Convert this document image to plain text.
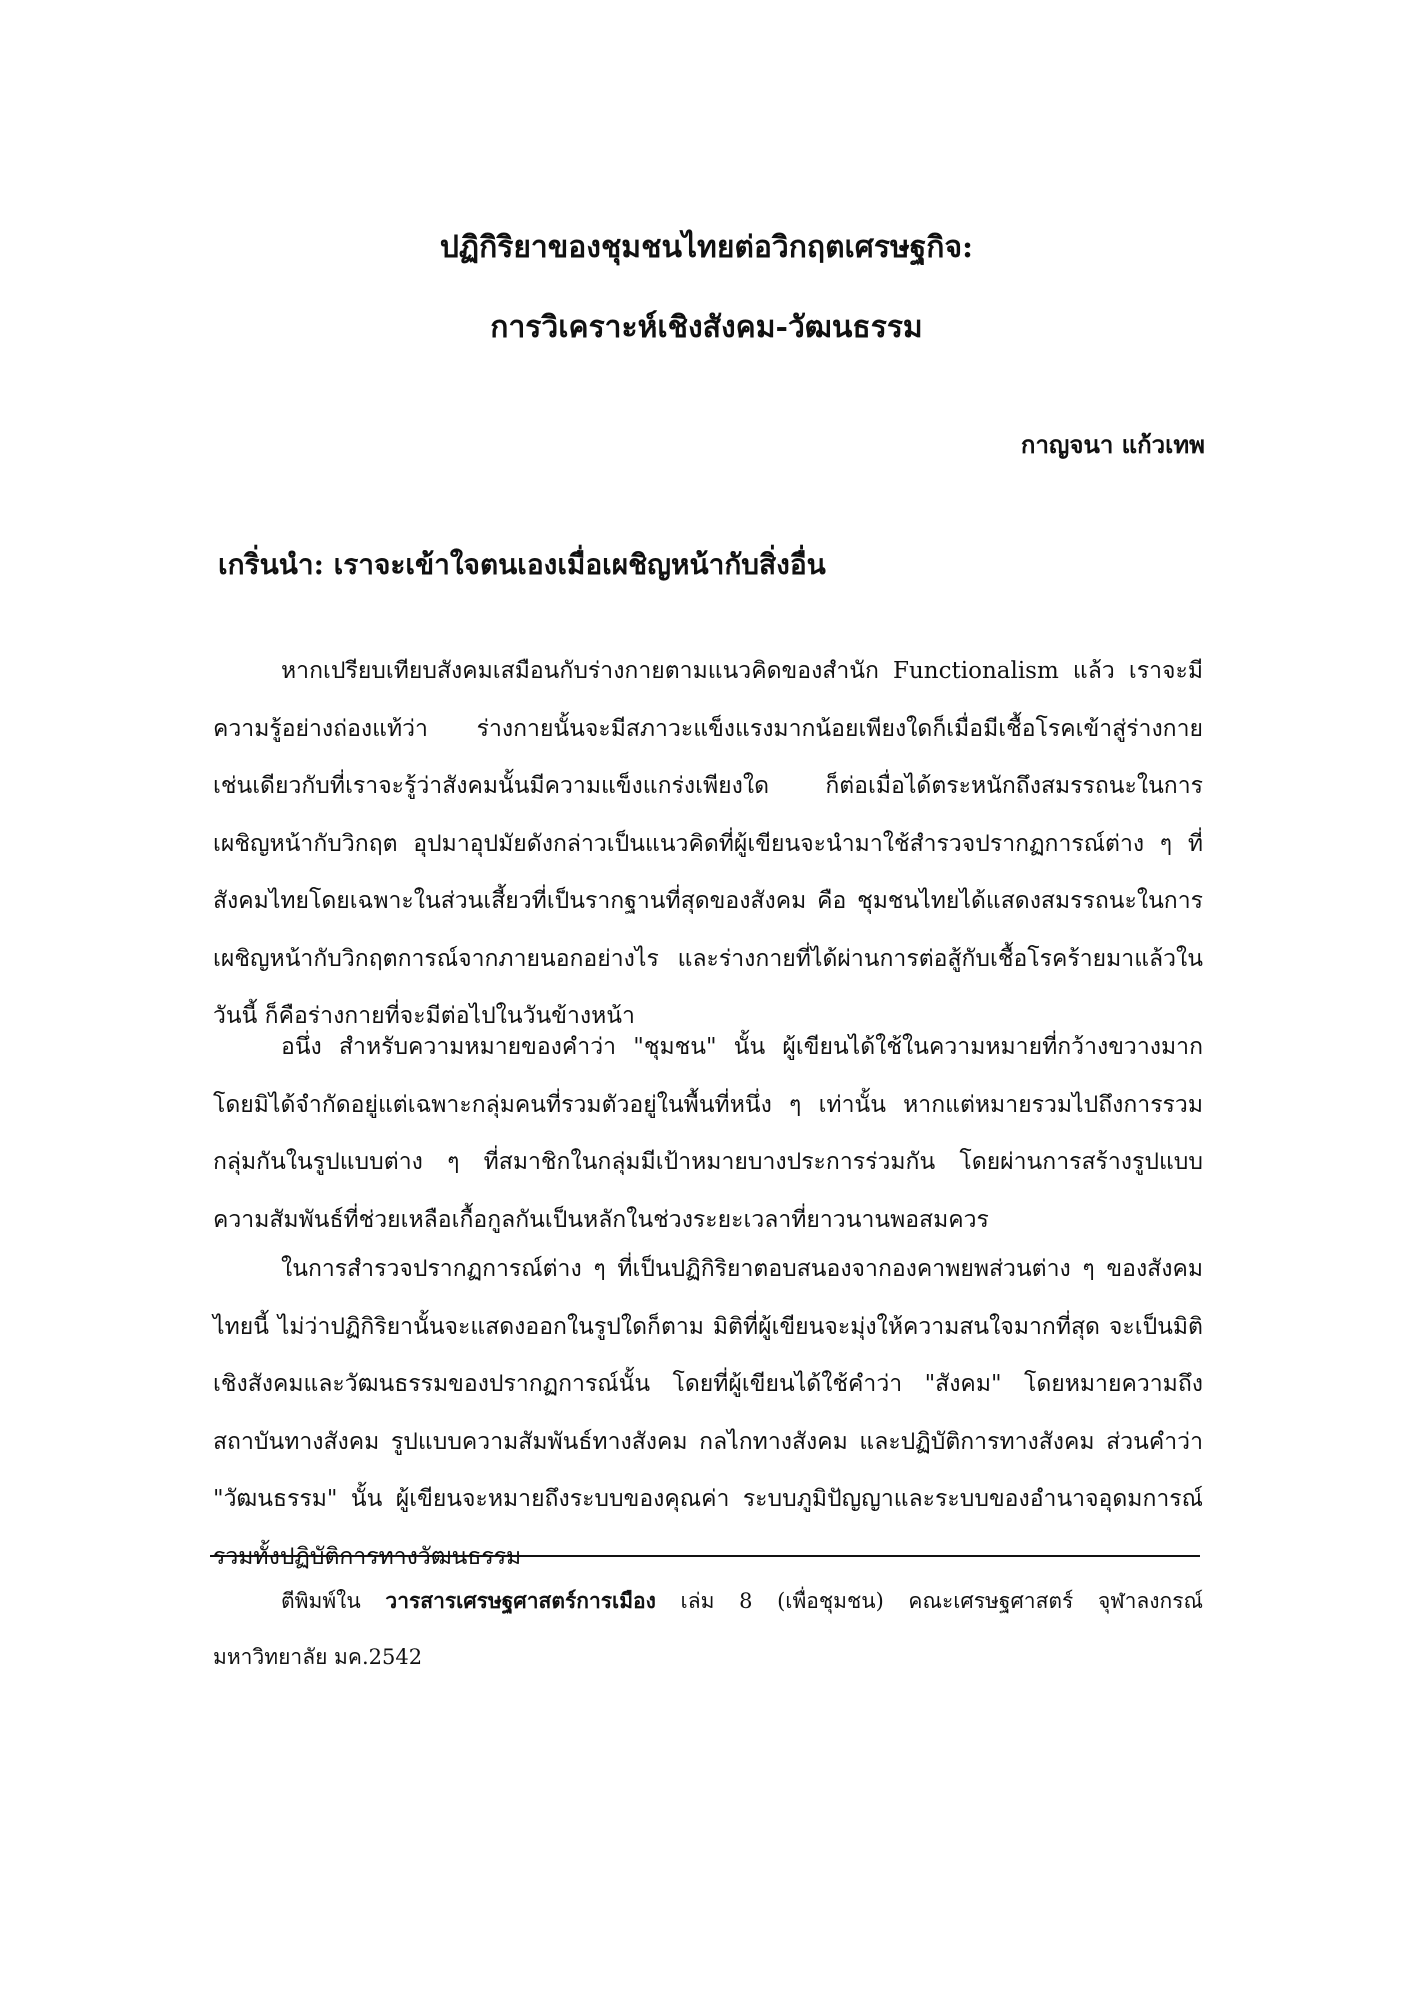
ปฏิกิริยาของชุมชนไทยต่อวิกฤตเศรษฐกิจ:
การวิเคราะห์เชิงสังคม-วัฒนธรรม
กาญจนา แก้วเทพ
เกริ่นนำ: เราจะเข้าใจตนเองเมื่อเผชิญหน้ากับสิ่งอื่น

หากเปรียบเทียบสังคมเสมือนกับร่างกายตามแนวคิดของสำนัก Functionalism แล้ว เราจะมีความรู้อย่างถ่องแท้ว่า ร่างกายนั้นจะมีสภาวะแข็งแรงมากน้อยเพียงใดก็เมื่อมีเชื้อโรคเข้าสู่ร่างกาย เช่นเดียวกับที่เราจะรู้ว่าสังคมนั้นมีความแข็งแกร่งเพียงใด ก็ต่อเมื่อได้ตระหนักถึงสมรรถนะในการเผชิญหน้ากับวิกฤต อุปมาอุปมัยดังกล่าวเป็นแนวคิดที่ผู้เขียนจะนำมาใช้สำรวจปรากฏการณ์ต่าง ๆ ที่สังคมไทยโดยเฉพาะในส่วนเสี้ยวที่เป็นรากฐานที่สุดของสังคม คือ ชุมชนไทยได้แสดงสมรรถนะในการเผชิญหน้ากับวิกฤตการณ์จากภายนอกอย่างไร และร่างกายที่ได้ผ่านการต่อสู้กับเชื้อโรคร้ายมาแล้วในวันนี้ ก็คือร่างกายที่จะมีต่อไปในวันข้างหน้า

อนึ่ง สำหรับความหมายของคำว่า "ชุมชน" นั้น ผู้เขียนได้ใช้ในความหมายที่กว้างขวางมาก โดยมิได้จำกัดอยู่แต่เฉพาะกลุ่มคนที่รวมตัวอยู่ในพื้นที่หนึ่ง ๆ เท่านั้น หากแต่หมายรวมไปถึงการรวมกลุ่มกันในรูปแบบต่าง ๆ ที่สมาชิกในกลุ่มมีเป้าหมายบางประการร่วมกัน โดยผ่านการสร้างรูปแบบความสัมพันธ์ที่ช่วยเหลือเกื้อกูลกันเป็นหลักในช่วงระยะเวลาที่ยาวนานพอสมควร

ในการสำรวจปรากฏการณ์ต่าง ๆ ที่เป็นปฏิกิริยาตอบสนองจากองคาพยพส่วนต่าง ๆ ของสังคมไทยนี้ ไม่ว่าปฏิกิริยานั้นจะแสดงออกในรูปใดก็ตาม มิติที่ผู้เขียนจะมุ่งให้ความสนใจมากที่สุด จะเป็นมิติเชิงสังคมและวัฒนธรรมของปรากฏการณ์นั้น โดยที่ผู้เขียนได้ใช้คำว่า "สังคม" โดยหมายความถึง สถาบันทางสังคม รูปแบบความสัมพันธ์ทางสังคม กลไกทางสังคม และปฏิบัติการทางสังคม ส่วนคำว่า "วัฒนธรรม" นั้น ผู้เขียนจะหมายถึงระบบของคุณค่า ระบบภูมิปัญญาและระบบของอำนาจอุดมการณ์ รวมทั้งปฏิบัติการทางวัฒนธรรม

ตีพิมพ์ใน วารสารเศรษฐศาสตร์การเมือง เล่ม 8 (เพื่อชุมชน) คณะเศรษฐศาสตร์ จุฬาลงกรณ์มหาวิทยาลัย มค.2542
